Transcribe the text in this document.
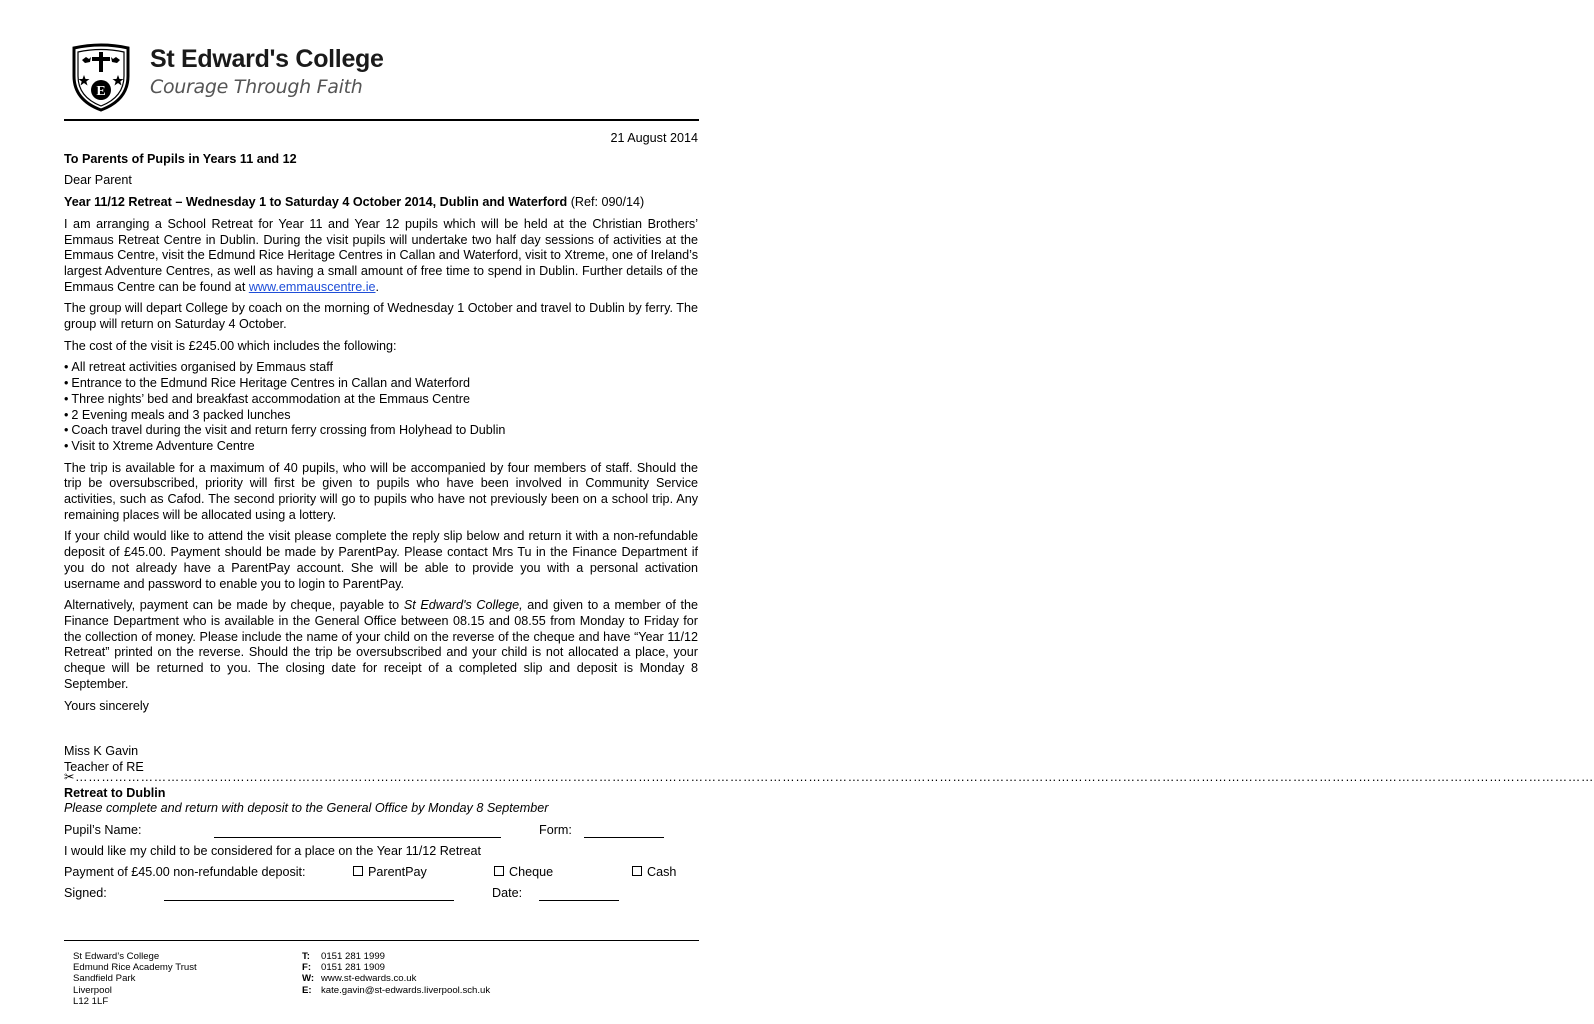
E
St Edward's College
Courage Through Faith

21 August 2014

To Parents of Pupils in Years 11 and 12

Dear Parent

Year 11/12 Retreat – Wednesday 1 to Saturday 4 October 2014, Dublin and Waterford (Ref: 090/14)

I am arranging a School Retreat for Year 11 and Year 12 pupils which will be held at the Christian Brothers’ Emmaus Retreat Centre in Dublin. During the visit pupils will undertake two half day sessions of activities at the Emmaus Centre, visit the Edmund Rice Heritage Centres in Callan and Waterford, visit to Xtreme, one of Ireland’s largest Adventure Centres, as well as having a small amount of free time to spend in Dublin. Further details of the Emmaus Centre can be found at www.emmauscentre.ie.

The group will depart College by coach on the morning of Wednesday 1 October and travel to Dublin by ferry. The group will return on Saturday 4 October.

The cost of the visit is £245.00 which includes the following:

• All retreat activities organised by Emmaus staff
• Entrance to the Edmund Rice Heritage Centres in Callan and Waterford
• Three nights’ bed and breakfast accommodation at the Emmaus Centre
• 2 Evening meals and 3 packed lunches
• Coach travel during the visit and return ferry crossing from Holyhead to Dublin
• Visit to Xtreme Adventure Centre

The trip is available for a maximum of 40 pupils, who will be accompanied by four members of staff. Should the trip be oversubscribed, priority will first be given to pupils who have been involved in Community Service activities, such as Cafod. The second priority will go to pupils who have not previously been on a school trip. Any remaining places will be allocated using a lottery.

If your child would like to attend the visit please complete the reply slip below and return it with a non-refundable deposit of £45.00. Payment should be made by ParentPay. Please contact Mrs Tu in the Finance Department if you do not already have a ParentPay account. She will be able to provide you with a personal activation username and password to enable you to login to ParentPay.

Alternatively, payment can be made by cheque, payable to St Edward's College, and given to a member of the Finance Department who is available in the General Office between 08.15 and 08.55 from Monday to Friday for the collection of money. Please include the name of your child on the reverse of the cheque and have “Year 11/12 Retreat” printed on the reverse. Should the trip be oversubscribed and your child is not allocated a place, your cheque will be returned to you. The closing date for receipt of a completed slip and deposit is Monday 8 September.

Yours sincerely

Miss K Gavin
Teacher of RE
✂……………………………………………………………………………………………………………………………………………………………………………………………………………………………………………………………………………………………………………………
Retreat to Dublin
Please complete and return with deposit to the General Office by Monday 8 September
Pupil’s Name:	Form:
I would like my child to be considered for a place on the Year 11/12 Retreat
Payment of £45.00 non-refundable deposit:	ParentPay	Cheque	Cash
Signed:	Date:
St Edward’s College
Edmund Rice Academy Trust
Sandfield Park
Liverpool
L12 1LF
T: 0151 281 1999
F: 0151 281 1909
W: www.st-edwards.co.uk
E: kate.gavin@st-edwards.liverpool.sch.uk
